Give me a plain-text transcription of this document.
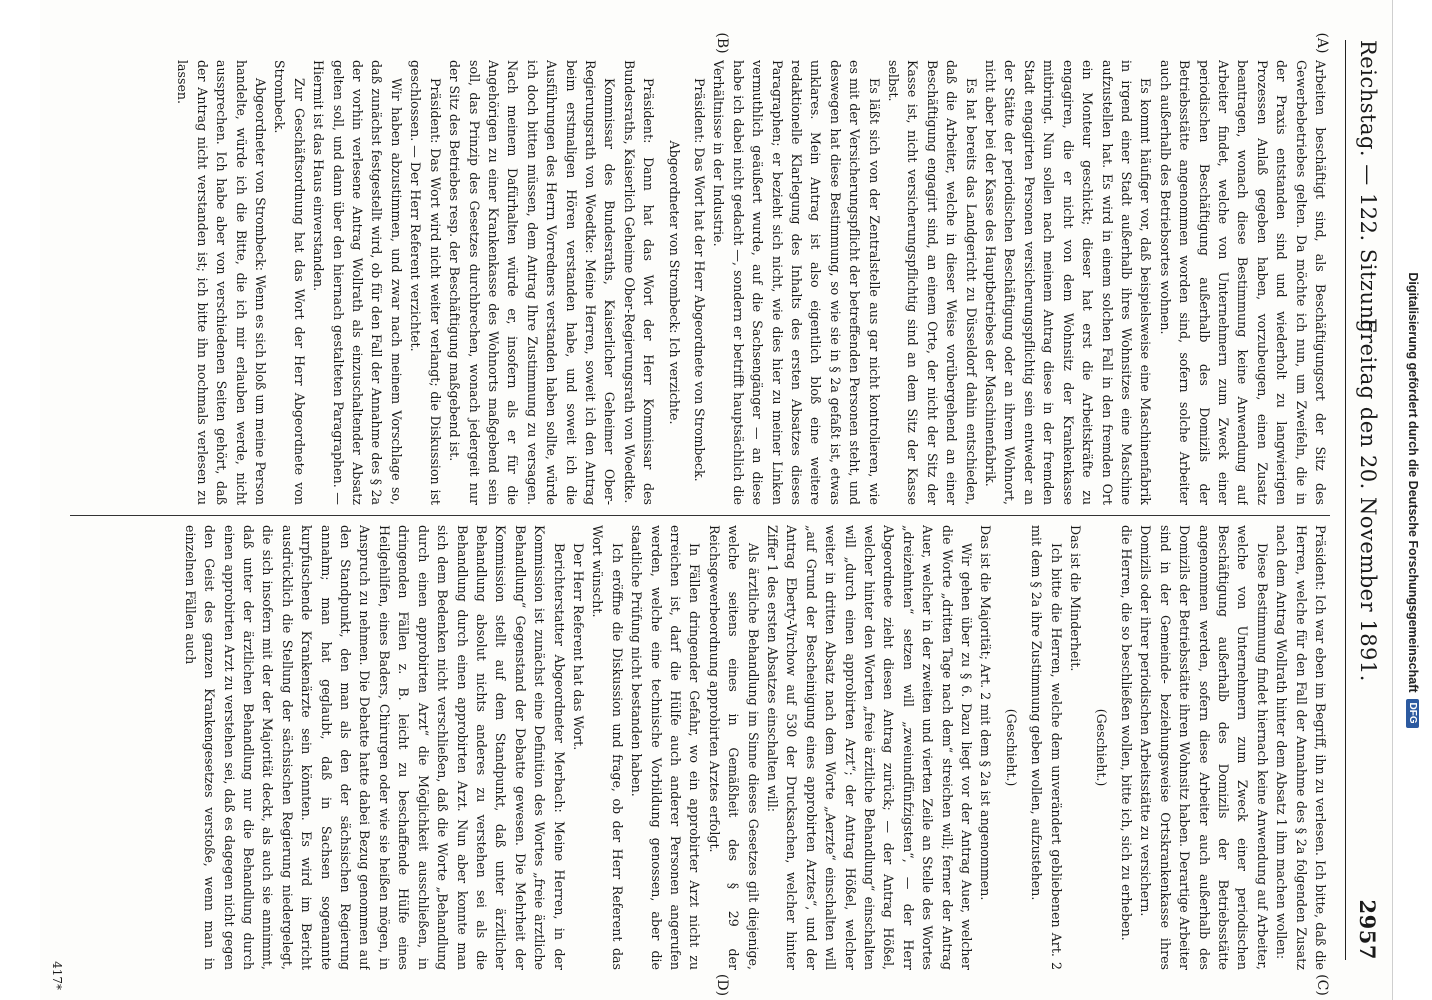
Reichstag. — 122. Sitzung.
Freitag den 20. November 1891.
2957
(A)
(B)
(C)
(D)

Arbeiten beschäftigt sind, als Beschäftigungsort der Sitz des Gewerbebetriebes gelten. Da möchte ich nun, um Zweifeln, die in der Praxis entstanden sind und wiederholt zu langwierigen Prozessen Anlaß gegeben haben, vorzubeugen, einen Zusatz beantragen, wonach diese Bestimmung keine Anwendung auf Arbeiter findet, welche von Unternehmern zum Zweck einer periodischen Beschäftigung außerhalb des Domizils der Betriebsstätte angenommen worden sind, sofern solche Arbeiter auch außerhalb des Betriebsortes wohnen.

Es kommt häufiger vor, daß beispielsweise eine Maschinenfabrik in irgend einer Stadt außerhalb ihres Wohnsitzes eine Maschine aufzustellen hat. Es wird in einem solchen Fall in den fremden Ort ein Monteur geschickt; dieser hat erst die Arbeitskräfte zu engagiren, die er nicht von dem Wohnsitz der Krankenkasse mitbringt. Nun sollen nach meinem Antrag diese in der fremden Stadt engagirten Personen versicherungspflichtig sein entweder an der Stätte der periodischen Beschäftigung oder an ihrem Wohnort, nicht aber bei der Kasse des Hauptbetriebes der Maschinenfabrik.

Es hat bereits das Landgericht zu Düsseldorf dahin entschieden, daß die Arbeiter, welche in dieser Weise vorübergehend an einer Beschäftigung engagirt sind, an einem Orte, der nicht der Sitz der Kasse ist, nicht versicherungspflichtig sind an dem Sitz der Kasse selbst.

Es läßt sich von der Zentralstelle aus gar nicht kontrolieren, wie es mit der Versicherungspflicht der betreffenden Personen steht, und deswegen hat diese Bestimmung, so wie sie in § 2a gefaßt ist, etwas unklares. Mein Antrag ist also eigentlich bloß eine weitere redaktionelle Klarlegung des Inhalts des ersten Absatzes dieses Paragraphen; er bezieht sich nicht, wie dies hier zu meiner Linken vermuthlich geäußert wurde, auf die Sachsengänger — an diese habe ich dabei nicht gedacht —, sondern er betrifft hauptsächlich die Verhältnisse in der Industrie.

Präsident: Das Wort hat der Herr Abgeordnete von Strombeck.

Abgeordneter von Strombeck: Ich verzichte.

Präsident: Dann hat das Wort der Herr Kommissar des Bundesraths, Kaiserlich Geheime Ober-Regierungsrath von Woedtke.

Kommissar des Bundesraths, Kaiserlicher Geheimer Ober-Regierungsrath von Woedtke: Meine Herren, soweit ich den Antrag beim erstmaligen Hören verstanden habe, und soweit ich die Ausführungen des Herrn Vorredners verstanden haben sollte, würde ich doch bitten müssen, dem Antrag Ihre Zustimmung zu versagen. Nach meinem Dafürhalten würde er, insofern als er für die Angehörigen zu einer Krankenkasse des Wohnorts maßgebend sein soll, das Prinzip des Gesetzes durchbrechen, wonach jedergeit nur der Sitz des Betriebes resp. der Beschäftigung maßgebend ist.

Präsident: Das Wort wird nicht weiter verlangt; die Diskussion ist geschlossen. — Der Herr Referent verzichtet.

Wir haben abzustimmen, und zwar nach meinem Vorschlage so, daß zunächst festgestellt wird, ob für den Fall der Annahme des § 2a der vorhin verlesene Antrag Wollrath als einzuschaltender Absatz gelten soll, und dann über den hiernach gestalteten Paragraphen. — Hiermit ist das Haus einverstanden.

Zur Geschäftsordnung hat das Wort der Herr Abgeordnete von Strombeck.

Abgeordneter von Strombeck: Wenn es sich bloß um meine Person handelte, würde ich die Bitte, die ich mir erlauben werde, nicht aussprechen. Ich habe aber von verschiedenen Seiten gehört, daß der Antrag nicht verstanden ist; ich bitte ihn nochmals verlesen zu lassen.

Präsident: Ich war eben im Begriff, ihn zu verlesen. Ich bitte, daß die Herren, welche für den Fall der Annahme des § 2a folgenden Zusatz nach dem Antrag Wollrath hinter dem Absatz 1 ihm machen wollen:

Diese Bestimmung findet hiernach keine Anwendung auf Arbeiter, welche von Unternehmern zum Zweck einer periodischen Beschäftigung außerhalb des Domizils der Betriebsstätte angenommen werden, sofern diese Arbeiter auch außerhalb des Domizils der Betriebsstätte ihren Wohnsitz haben. Derartige Arbeiter sind in der Gemeinde- beziehungsweise Ortskrankenkasse ihres Domizils oder ihrer periodischen Arbeitsstätte zu versichern.

die Herren, die so beschließen wollen, bitte ich, sich zu erheben.

(Geschieht.)

Das ist die Minderheit.

Ich bitte die Herren, welche dem unverändert gebliebenen Art. 2 mit dem § 2a ihre Zustimmung geben wollen, aufzustehen.

(Geschieht.)

Das ist die Majorität; Art. 2 mit dem § 2a ist angenommen.

Wir gehen über zu § 6. Dazu liegt vor der Antrag Auer, welcher die Worte „dritten Tage nach dem“ streichen will; ferner der Antrag Auer, welcher in der zweiten und vierten Zeile an Stelle des Wortes „dreizehnten“ setzen will „zweiundfünfzigsten“, — der Herr Abgeordnete zieht diesen Antrag zurück; — der Antrag Hößel, welcher hinter den Worten „freie ärztliche Behandlung“ einschalten will „durch einen approbirten Arzt“; der Antrag Hößel, welcher weiter in dritten Absatz nach dem Worte „Aerzte“ einschalten will „auf Grund der Bescheinigung eines approbirten Arztes“, und der Antrag Eberty-Virchow auf 530 der Drucksachen, welcher hinter Ziffer 1 des ersten Absatzes einschalten will:

Als ärztliche Behandlung im Sinne dieses Gesetzes gilt diejenige, welche seitens eines in Gemäßheit des § 29 der Reichsgewerbeordnung approbirten Arztes erfolgt.

In Fällen dringender Gefahr, wo ein approbirter Arzt nicht zu erreichen ist, darf die Hülfe auch anderer Personen angerufen werden, welche eine technische Vorbildung genossen, aber die staatliche Prüfung nicht bestanden haben.

Ich eröffne die Diskussion und frage, ob der Herr Referent das Wort wünscht.

Der Herr Referent hat das Wort.

Berichterstatter Abgeordneter Merbach: Meine Herren, in der Kommission ist zunächst eine Definition des Wortes „freie ärztliche Behandlung“ Gegenstand der Debatte gewesen. Die Mehrheit der Kommission stellt auf dem Standpunkt, daß unter ärztlicher Behandlung absolut nichts anderes zu verstehen sei als die Behandlung durch einen approbirten Arzt. Nun aber konnte man sich dem Bedenken nicht verschließen, daß die Worte „Behandlung durch einen approbirten Arzt“ die Möglichkeit ausschließen, in dringenden Fällen z. B. leicht zu beschaffende Hülfe eines Heilgehilfen, eines Baders, Chirurgen oder wie sie heißen mögen, in Anspruch zu nehmen. Die Debatte hatte dabei Bezug genommen auf den Standpunkt, den man als den der sächsischen Regierung annahm; man hat geglaubt, daß in Sachsen sogenannte kurpfuschende Krankenärzte sein könnten. Es wird im Bericht ausdrücklich die Stellung der sächsischen Regierung niedergelegt, die sich insofern mit der der Majorität deckt, als auch sie annimmt, daß unter der ärztlichen Behandlung nur die Behandlung durch einen approbirten Arzt zu verstehen sei, daß es dagegen nicht gegen den Geist des ganzen Krankengesetzes verstoße, wenn man in einzelnen Fällen auch

417*
Digitalisierung gefördert durch die Deutsche Forschungsgemeinschaft
DFG
